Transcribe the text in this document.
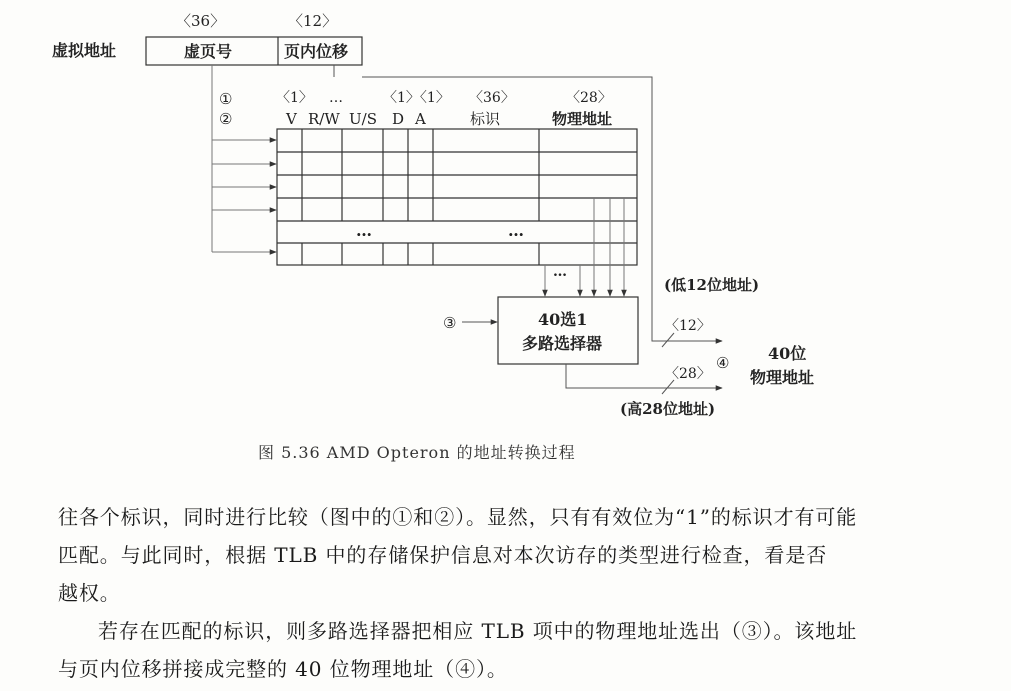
虚拟地址
〈36〉	〈12〉
虚页号	页内位移
①
②
〈1〉 …	〈1〉〈1〉 〈36〉	〈28〉
V R/W U/S D A	标识	物理地址
…	…
…
③	40选1
多路选择器
(低12位地址)
〈12〉
④
〈28〉
(高28位地址)
40位
物理地址
图 5.36 AMD Opteron 的地址转换过程
往各个标识，同时进行比较（图中的①和②）。显然，只有有效位为“1”的标识才有可能
匹配。与此同时，根据 TLB 中的存储保护信息对本次访存的类型进行检查，看是否
越权。
若存在匹配的标识，则多路选择器把相应 TLB 项中的物理地址选出（③）。该地址
与页内位移拼接成完整的 40 位物理地址（④）。
